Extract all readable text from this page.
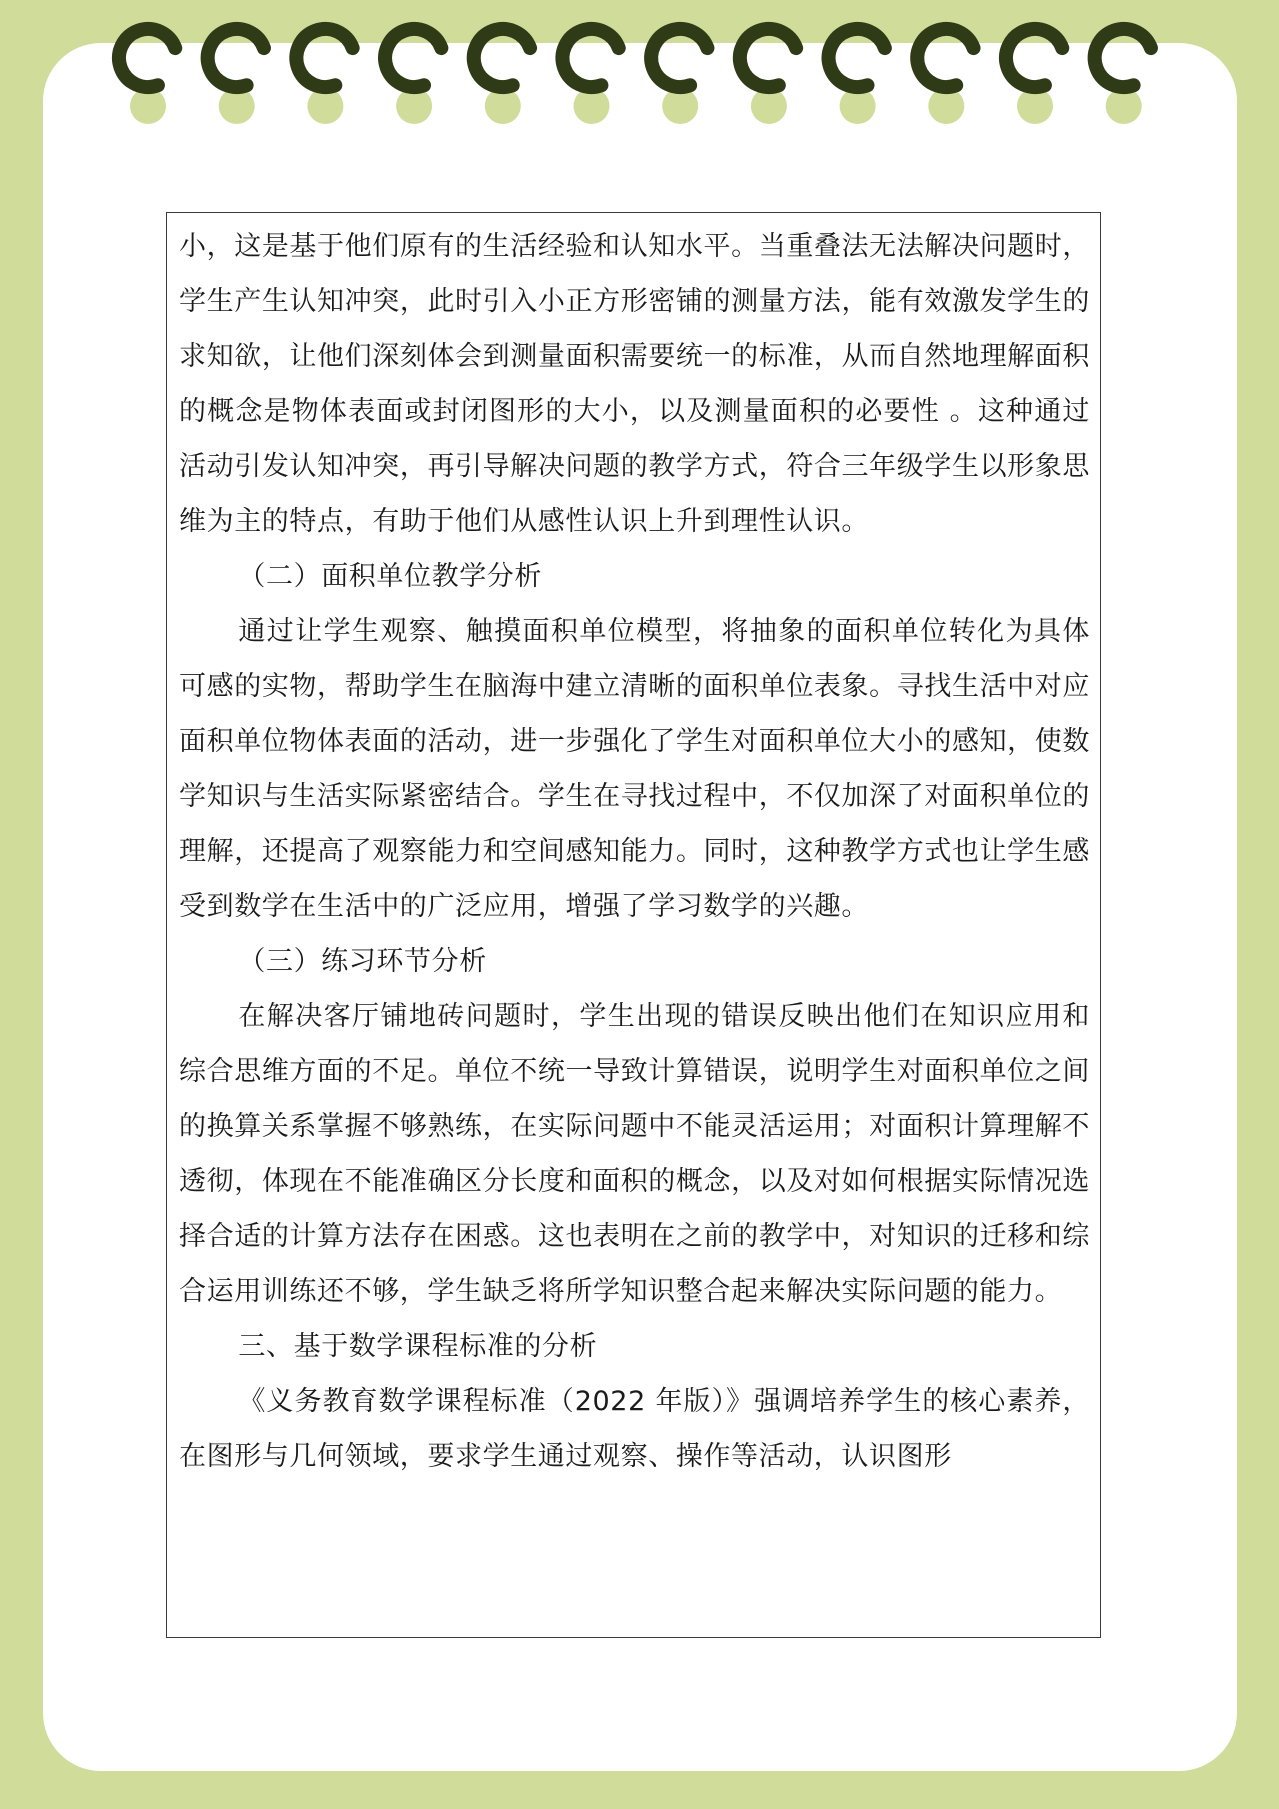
小，这是基于他们原有的生活经验和认知水平。当重叠法无法解决问题时，学生产生认知冲突，此时引入小正方形密铺的测量方法，能有效激发学生的求知欲，让他们深刻体会到测量面积需要统一的标准，从而自然地理解面积的概念是物体表面或封闭图形的大小，以及测量面积的必要性 。这种通过活动引发认知冲突，再引导解决问题的教学方式，符合三年级学生以形象思维为主的特点，有助于他们从感性认识上升到理性认识。

（二）面积单位教学分析

通过让学生观察、触摸面积单位模型，将抽象的面积单位转化为具体可感的实物，帮助学生在脑海中建立清晰的面积单位表象。寻找生活中对应面积单位物体表面的活动，进一步强化了学生对面积单位大小的感知，使数学知识与生活实际紧密结合。学生在寻找过程中，不仅加深了对面积单位的理解，还提高了观察能力和空间感知能力。同时，这种教学方式也让学生感受到数学在生活中的广泛应用，增强了学习数学的兴趣。

（三）练习环节分析

在解决客厅铺地砖问题时，学生出现的错误反映出他们在知识应用和综合思维方面的不足。单位不统一导致计算错误，说明学生对面积单位之间的换算关系掌握不够熟练，在实际问题中不能灵活运用；对面积计算理解不透彻，体现在不能准确区分长度和面积的概念，以及对如何根据实际情况选择合适的计算方法存在困惑。这也表明在之前的教学中，对知识的迁移和综合运用训练还不够，学生缺乏将所学知识整合起来解决实际问题的能力。

三、基于数学课程标准的分析

《义务教育数学课程标准（2022 年版）》强调培养学生的核心素养，在图形与几何领域，要求学生通过观察、操作等活动，认识图形
